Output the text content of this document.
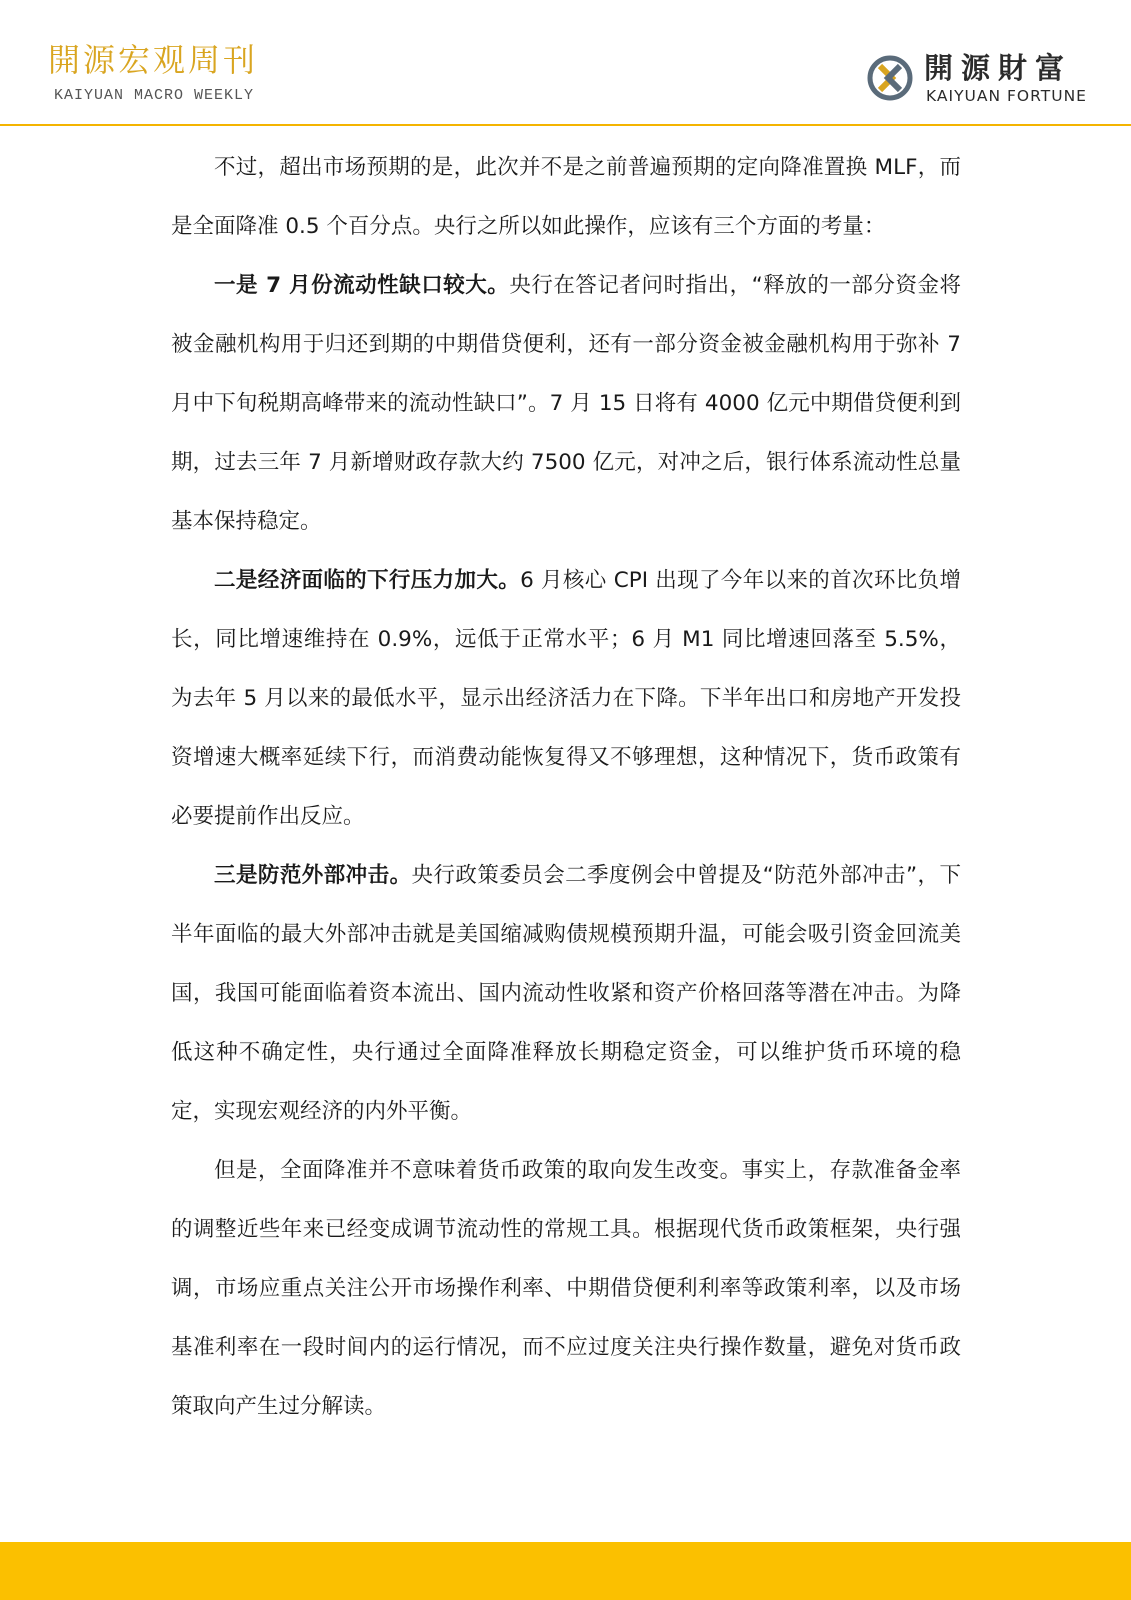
開源宏观周刊
KAIYUAN MACRO WEEKLY
開源財富
KAIYUAN FORTUNE

不过，超出市场预期的是，此次并不是之前普遍预期的定向降准置换 MLF，而是全面降准 0.5 个百分点。央行之所以如此操作，应该有三个方面的考量：

一是 7 月份流动性缺口较大。央行在答记者问时指出，“释放的一部分资金将被金融机构用于归还到期的中期借贷便利，还有一部分资金被金融机构用于弥补 7 月中下旬税期高峰带来的流动性缺口”。7 月 15 日将有 4000 亿元中期借贷便利到期，过去三年 7 月新增财政存款大约 7500 亿元，对冲之后，银行体系流动性总量基本保持稳定。

二是经济面临的下行压力加大。6 月核心 CPI 出现了今年以来的首次环比负增长，同比增速维持在 0.9%，远低于正常水平；6 月 M1 同比增速回落至 5.5%，为去年 5 月以来的最低水平，显示出经济活力在下降。下半年出口和房地产开发投资增速大概率延续下行，而消费动能恢复得又不够理想，这种情况下，货币政策有必要提前作出反应。

三是防范外部冲击。央行政策委员会二季度例会中曾提及“防范外部冲击”，下半年面临的最大外部冲击就是美国缩减购债规模预期升温，可能会吸引资金回流美国，我国可能面临着资本流出、国内流动性收紧和资产价格回落等潜在冲击。为降低这种不确定性，央行通过全面降准释放长期稳定资金，可以维护货币环境的稳定，实现宏观经济的内外平衡。

但是，全面降准并不意味着货币政策的取向发生改变。事实上，存款准备金率的调整近些年来已经变成调节流动性的常规工具。根据现代货币政策框架，央行强调，市场应重点关注公开市场操作利率、中期借贷便利利率等政策利率，以及市场基准利率在一段时间内的运行情况，而不应过度关注央行操作数量，避免对货币政策取向产生过分解读。
